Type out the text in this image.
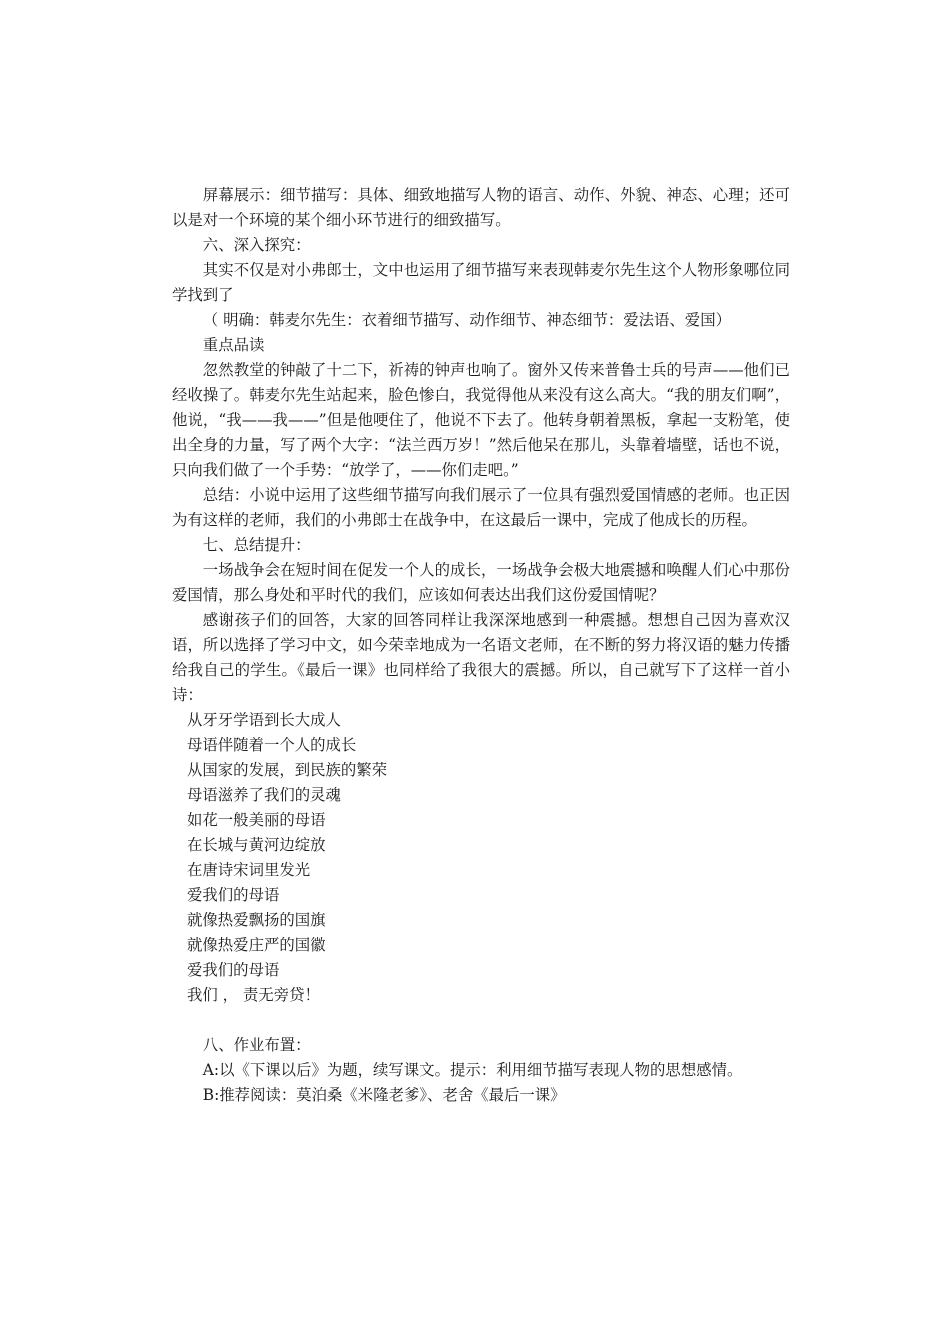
屏幕展示：细节描写：具体、细致地描写人物的语言、动作、外貌、神态、心理；还可以是对一个环境的某个细小环节进行的细致描写。

六、深入探究：

其实不仅是对小弗郎士，文中也运用了细节描写来表现韩麦尔先生这个人物形象哪位同学找到了

（ 明确：韩麦尔先生：衣着细节描写、动作细节、神态细节：爱法语、爱国）

重点品读

忽然教堂的钟敲了十二下，祈祷的钟声也响了。窗外又传来普鲁士兵的号声——他们已经收操了。韩麦尔先生站起来，脸色惨白，我觉得他从来没有这么高大。“我的朋友们啊”，他说，“我——我——”但是他哽住了，他说不下去了。他转身朝着黑板，拿起一支粉笔，使出全身的力量，写了两个大字：“法兰西万岁！”然后他呆在那儿，头靠着墙壁，话也不说，只向我们做了一个手势：“放学了，——你们走吧。”

总结：小说中运用了这些细节描写向我们展示了一位具有强烈爱国情感的老师。也正因为有这样的老师，我们的小弗郎士在战争中，在这最后一课中，完成了他成长的历程。

七、总结提升：

一场战争会在短时间在促发一个人的成长，一场战争会极大地震撼和唤醒人们心中那份爱国情，那么身处和平时代的我们，应该如何表达出我们这份爱国情呢？

感谢孩子们的回答，大家的回答同样让我深深地感到一种震撼。想想自己因为喜欢汉语，所以选择了学习中文，如今荣幸地成为一名语文老师，在不断的努力将汉语的魅力传播给我自己的学生。《最后一课》也同样给了我很大的震撼。所以，自己就写下了这样一首小诗：

从牙牙学语到长大成人

母语伴随着一个人的成长

从国家的发展，到民族的繁荣

母语滋养了我们的灵魂

如花一般美丽的母语

在长城与黄河边绽放

在唐诗宋词里发光

爱我们的母语

就像热爱飘扬的国旗

就像热爱庄严的国徽

爱我们的母语

我们 ， 责无旁贷！

八、作业布置：

A:以《下课以后》为题，续写课文。提示：利用细节描写表现人物的思想感情。

B:推荐阅读：莫泊桑《米隆老爹》、老舍《最后一课》
